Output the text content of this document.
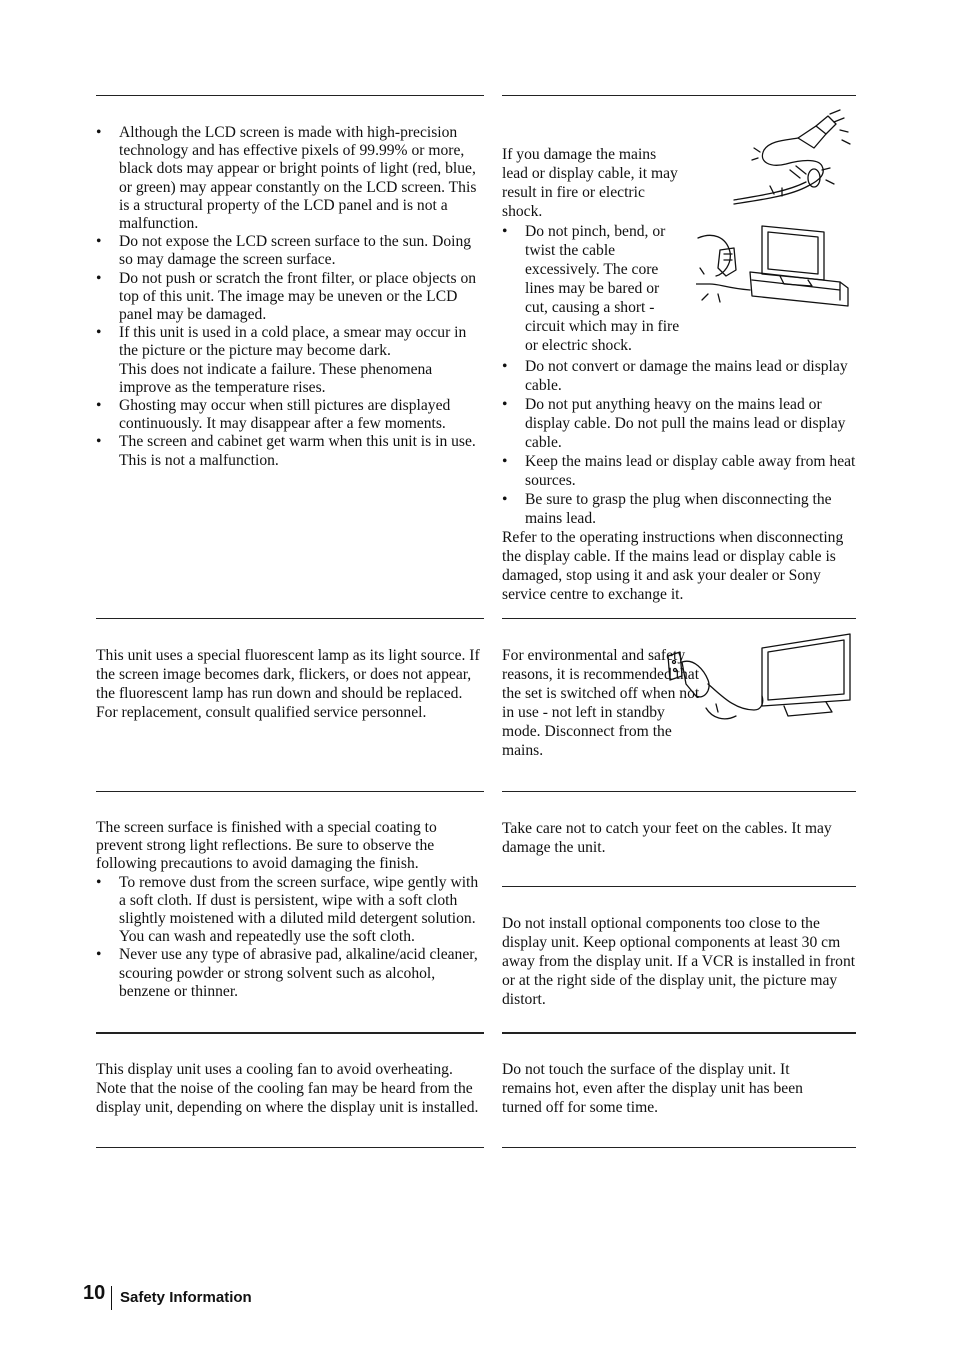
• Although the LCD screen is made with high-precision technology and has effective pixels of 99.99% or more, black dots may appear or bright points of light (red, blue, or green) may appear constantly on the LCD screen. This is a structural property of the LCD panel and is not a malfunction.
• Do not expose the LCD screen surface to the sun. Doing so may damage the screen surface.
• Do not push or scratch the front filter, or place objects on top of this unit. The image may be uneven or the LCD panel may be damaged.
• If this unit is used in a cold place, a smear may occur in the picture or the picture may become dark.
This does not indicate a failure. These phenomena improve as the temperature rises.
• Ghosting may occur when still pictures are displayed continuously. It may disappear after a few moments.
• The screen and cabinet get warm when this unit is in use. This is not a malfunction.

If you damage the mains lead or display cable, it may result in fire or electric shock.

• Do not pinch, bend, or twist the cable excessively. The core lines may be bared or cut, causing a short - circuit which may in fire or electric shock.
• Do not convert or damage the mains lead or display cable.
• Do not put anything heavy on the mains lead or display cable. Do not pull the mains lead or display cable.
• Keep the mains lead or display cable away from heat sources.
• Be sure to grasp the plug when disconnecting the mains lead.

Refer to the operating instructions when disconnecting the display cable. If the mains lead or display cable is damaged, stop using it and ask your dealer or Sony service centre to exchange it.

This unit uses a special fluorescent lamp as its light source. If the screen image becomes dark, flickers, or does not appear, the fluorescent lamp has run down and should be replaced. For replacement, consult qualified service personnel.

For environmental and safety reasons, it is recommended that the set is switched off when not in use - not left in standby mode. Disconnect from the mains.

The screen surface is finished with a special coating to prevent strong light reflections. Be sure to observe the following precautions to avoid damaging the finish.

• To remove dust from the screen surface, wipe gently with a soft cloth. If dust is persistent, wipe with a soft cloth slightly moistened with a diluted mild detergent solution. You can wash and repeatedly use the soft cloth.
• Never use any type of abrasive pad, alkaline/acid cleaner, scouring powder or strong solvent such as alcohol, benzene or thinner.

Take care not to catch your feet on the cables. It may damage the unit.

Do not install optional components too close to the display unit. Keep optional components at least 30 cm away from the display unit. If a VCR is installed in front or at the right side of the display unit, the picture may distort.

This display unit uses a cooling fan to avoid overheating. Note that the noise of the cooling fan may be heard from the display unit, depending on where the display unit is installed.

Do not touch the surface of the display unit. It remains hot, even after the display unit has been turned off for some time.

10 Safety Information
